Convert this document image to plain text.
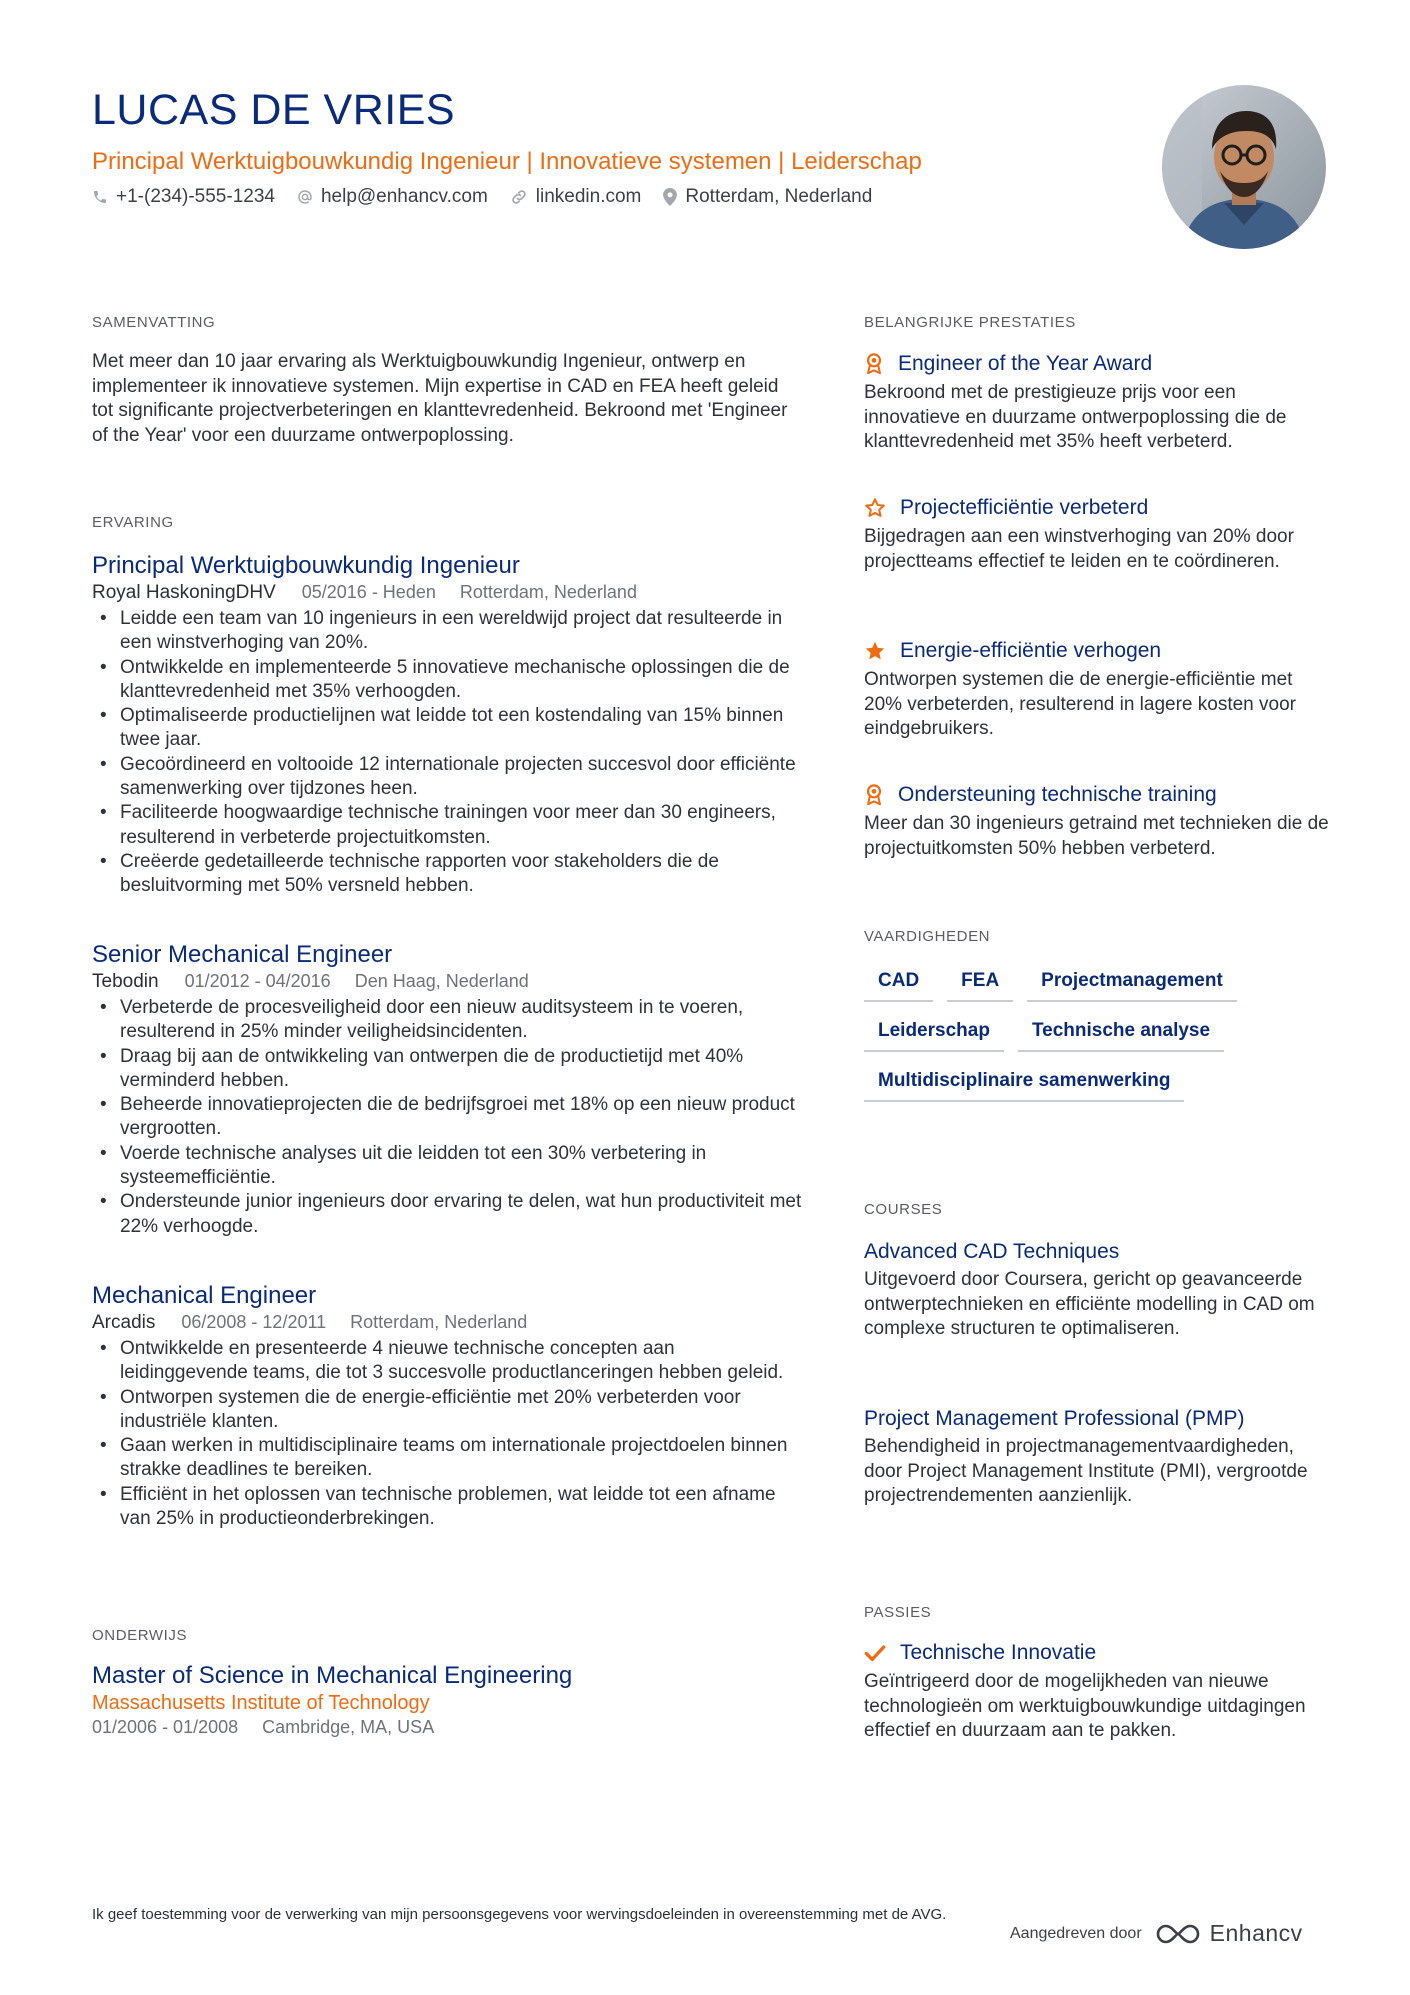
LUCAS DE VRIES
Principal Werktuigbouwkundig Ingenieur | Innovatieve systemen | Leiderschap
+1-(234)-555-1234 help@enhancv.com	linkedin.com Rotterdam, Nederland
SAMENVATTING
Met meer dan 10 jaar ervaring als Werktuigbouwkundig Ingenieur, ontwerp en implementeer ik innovatieve systemen. Mijn expertise in CAD en FEA heeft geleid tot significante projectverbeteringen en klanttevredenheid. Bekroond met 'Engineer of the Year' voor een duurzame ontwerpoplossing.
ERVARING
Principal Werktuigbouwkundig Ingenieur
Royal HaskoningDHV 05/2016 - Heden Rotterdam, Nederland
• Leidde een team van 10 ingenieurs in een wereldwijd project dat resulteerde in een winstverhoging van 20%.
• Ontwikkelde en implementeerde 5 innovatieve mechanische oplossingen die de klanttevredenheid met 35% verhoogden.
• Optimaliseerde productielijnen wat leidde tot een kostendaling van 15% binnen twee jaar.
• Gecoördineerd en voltooide 12 internationale projecten succesvol door efficiënte samenwerking over tijdzones heen.
• Faciliteerde hoogwaardige technische trainingen voor meer dan 30 engineers, resulterend in verbeterde projectuitkomsten.
• Creëerde gedetailleerde technische rapporten voor stakeholders die de besluitvorming met 50% versneld hebben.
Senior Mechanical Engineer
Tebodin 01/2012 - 04/2016 Den Haag, Nederland
• Verbeterde de procesveiligheid door een nieuw auditsysteem in te voeren, resulterend in 25% minder veiligheidsincidenten.
• Draag bij aan de ontwikkeling van ontwerpen die de productietijd met 40% verminderd hebben.
• Beheerde innovatieprojecten die de bedrijfsgroei met 18% op een nieuw product vergrootten.
• Voerde technische analyses uit die leidden tot een 30% verbetering in systeemefficiëntie.
• Ondersteunde junior ingenieurs door ervaring te delen, wat hun productiviteit met 22% verhoogde.
Mechanical Engineer
Arcadis 06/2008 - 12/2011 Rotterdam, Nederland
• Ontwikkelde en presenteerde 4 nieuwe technische concepten aan leidinggevende teams, die tot 3 succesvolle productlanceringen hebben geleid.
• Ontworpen systemen die de energie-efficiëntie met 20% verbeterden voor industriële klanten.
• Gaan werken in multidisciplinaire teams om internationale projectdoelen binnen strakke deadlines te bereiken.
• Efficiënt in het oplossen van technische problemen, wat leidde tot een afname van 25% in productieonderbrekingen.
ONDERWIJS
Master of Science in Mechanical Engineering
Massachusetts Institute of Technology
01/2006 - 01/2008 Cambridge, MA, USA
BELANGRIJKE PRESTATIES
Engineer of the Year Award
Bekroond met de prestigieuze prijs voor een innovatieve en duurzame ontwerpoplossing die de klanttevredenheid met 35% heeft verbeterd.
Projectefficiëntie verbeterd
Bijgedragen aan een winstverhoging van 20% door projectteams effectief te leiden en te coördineren.
Energie-efficiëntie verhogen
Ontworpen systemen die de energie-efficiëntie met 20% verbeterden, resulterend in lagere kosten voor eindgebruikers.
Ondersteuning technische training
Meer dan 30 ingenieurs getraind met technieken die de projectuitkomsten 50% hebben verbeterd.
VAARDIGHEDEN
CAD	FEA	Projectmanagement
Leiderschap	Technische analyse
Multidisciplinaire samenwerking
COURSES
Advanced CAD Techniques
Uitgevoerd door Coursera, gericht op geavanceerde ontwerptechnieken en efficiënte modelling in CAD om complexe structuren te optimaliseren.
Project Management Professional (PMP)
Behendigheid in projectmanagementvaardigheden, door Project Management Institute (PMI), vergrootde projectrendementen aanzienlijk.
PASSIES
Technische Innovatie
Geïntrigeerd door de mogelijkheden van nieuwe technologieën om werktuigbouwkundige uitdagingen effectief en duurzaam aan te pakken.
Ik geef toestemming voor de verwerking van mijn persoonsgegevens voor wervingsdoeleinden in overeenstemming met de AVG.
Aangedreven door	Enhancv
